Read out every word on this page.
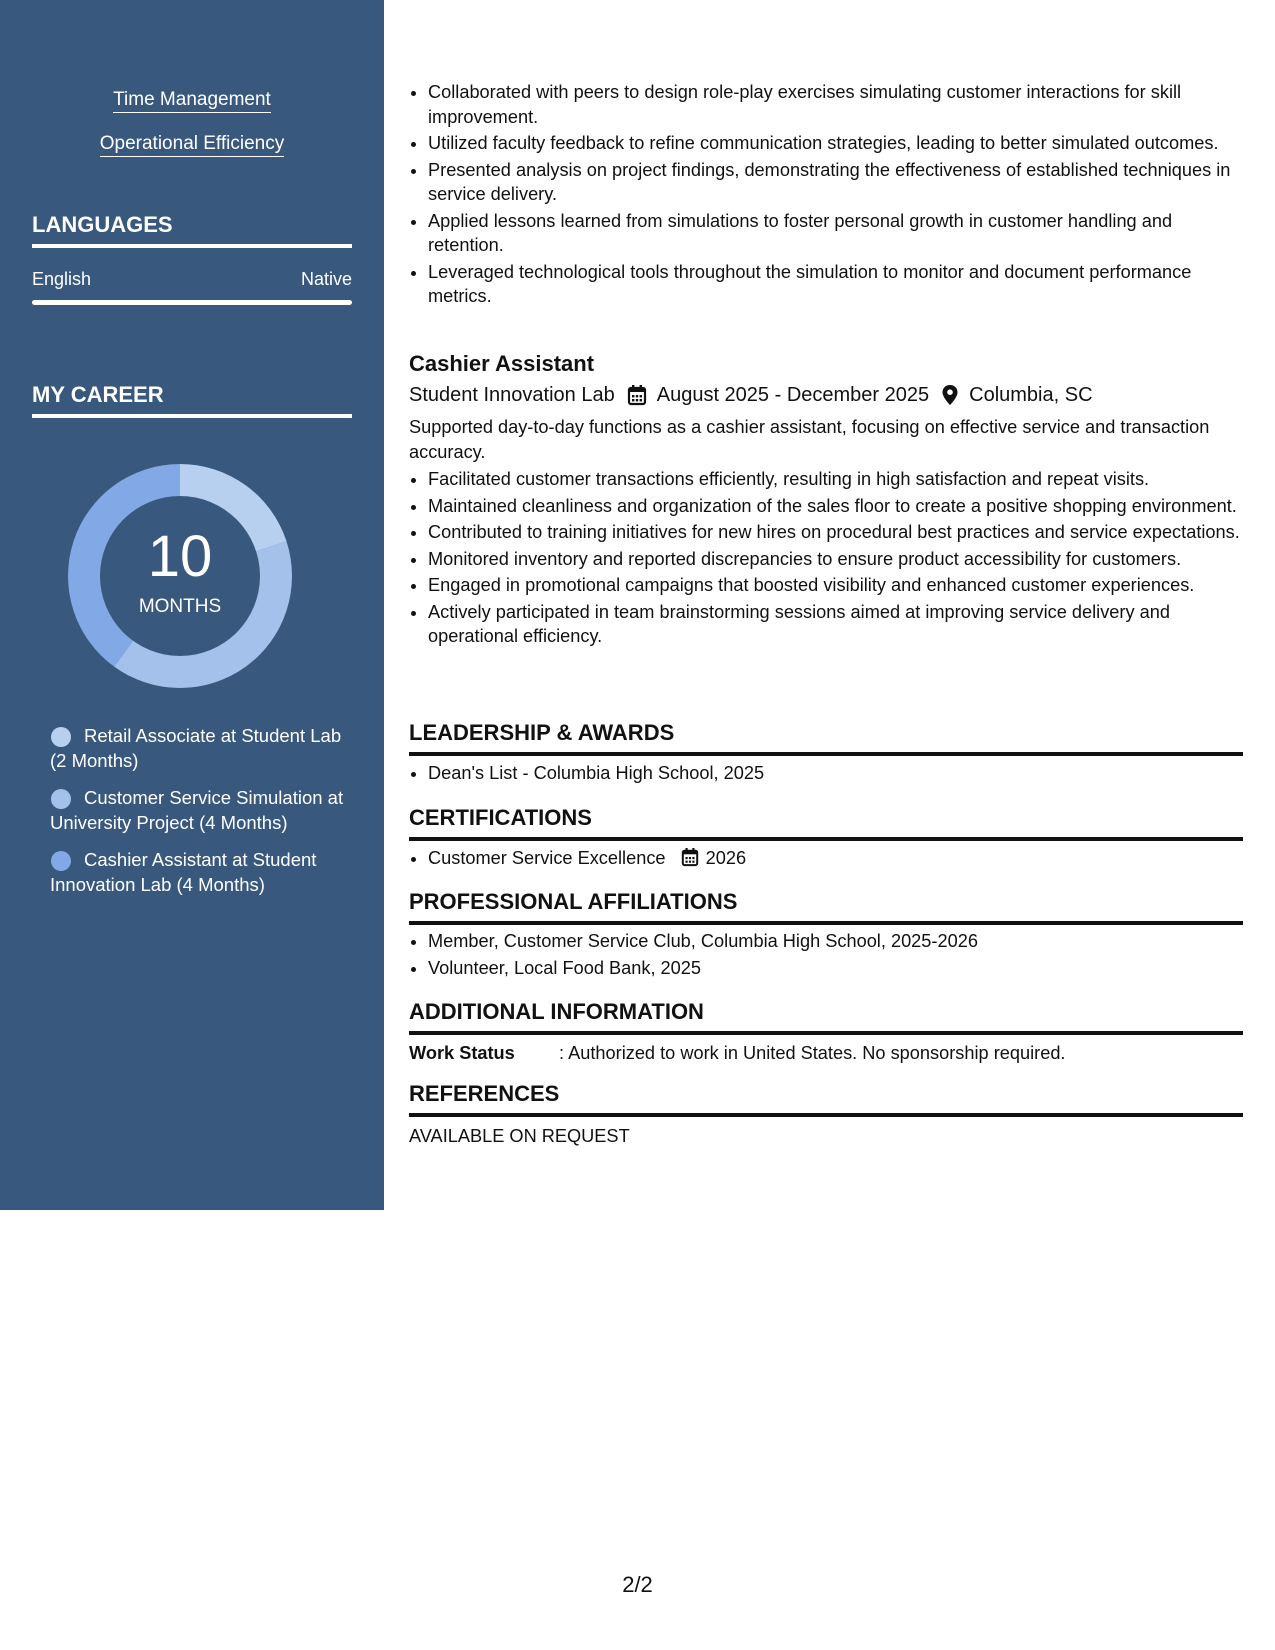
Time Management
Operational Efficiency
LANGUAGES
English	Native
MY CAREER
10
MONTHS
Retail Associate at Student Lab (2 Months)
Customer Service Simulation at University Project (4 Months)
Cashier Assistant at Student Innovation Lab (4 Months)
• Collaborated with peers to design role-play exercises simulating customer interactions for skill improvement.
• Utilized faculty feedback to refine communication strategies, leading to better simulated outcomes.
• Presented analysis on project findings, demonstrating the effectiveness of established techniques in service delivery.
• Applied lessons learned from simulations to foster personal growth in customer handling and retention.
• Leveraged technological tools throughout the simulation to monitor and document performance metrics.
Cashier Assistant
Student Innovation Lab August 2025 - December 2025 Columbia, SC
Supported day-to-day functions as a cashier assistant, focusing on effective service and transaction accuracy.
• Facilitated customer transactions efficiently, resulting in high satisfaction and repeat visits.
• Maintained cleanliness and organization of the sales floor to create a positive shopping environment.
• Contributed to training initiatives for new hires on procedural best practices and service expectations.
• Monitored inventory and reported discrepancies to ensure product accessibility for customers.
• Engaged in promotional campaigns that boosted visibility and enhanced customer experiences.
• Actively participated in team brainstorming sessions aimed at improving service delivery and operational efficiency.
LEADERSHIP & AWARDS
• Dean's List - Columbia High School, 2025
CERTIFICATIONS
• Customer Service Excellence 2026
PROFESSIONAL AFFILIATIONS
• Member, Customer Service Club, Columbia High School, 2025-2026
• Volunteer, Local Food Bank, 2025
ADDITIONAL INFORMATION
Work Status : Authorized to work in United States. No sponsorship required.
REFERENCES
AVAILABLE ON REQUEST
2/2
